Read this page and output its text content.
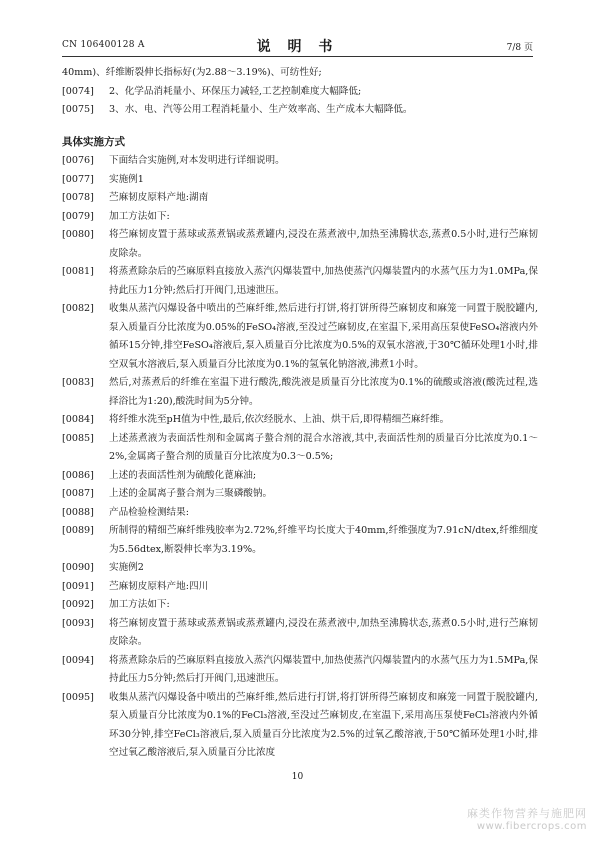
CN 106400128 A	说 明 书	7/8 页

40mm)、纤维断裂伸长指标好(为2.88～3.19%)、可纺性好;

[0074] 2、化学品消耗量小、环保压力减轻,工艺控制难度大幅降低;

[0075] 3、水、电、汽等公用工程消耗量小、生产效率高、生产成本大幅降低。

具体实施方式

[0076] 下面结合实施例,对本发明进行详细说明。

[0077] 实施例1

[0078] 苎麻韧皮原料产地:湖南

[0079] 加工方法如下:

[0080] 将苎麻韧皮置于蒸球或蒸煮锅或蒸煮罐内,浸没在蒸煮液中,加热至沸腾状态,蒸煮0.5小时,进行苎麻韧皮除杂。

[0081] 将蒸煮除杂后的苎麻原料直接放入蒸汽闪爆装置中,加热使蒸汽闪爆装置内的水蒸气压力为1.0MPa,保持此压力1分钟;然后打开阀门,迅速泄压。

[0082] 收集从蒸汽闪爆设备中喷出的苎麻纤维,然后进行打饼,将打饼所得苎麻韧皮和麻笼一同置于脱胶罐内,泵入质量百分比浓度为0.05%的FeSO₄溶液,至没过苎麻韧皮,在室温下,采用高压泵使FeSO₄溶液内外循环15分钟,排空FeSO₄溶液后,泵入质量百分比浓度为0.5%的双氧水溶液,于30℃循环处理1小时,排空双氧水溶液后,泵入质量百分比浓度为0.1%的氢氧化钠溶液,沸煮1小时。

[0083] 然后,对蒸煮后的纤维在室温下进行酸洗,酸洗液是质量百分比浓度为0.1%的硫酸或溶液(酸洗过程,选择浴比为1:20),酸洗时间为5分钟。

[0084] 将纤维水洗至pH值为中性,最后,依次经脱水、上油、烘干后,即得精细苎麻纤维。

[0085] 上述蒸煮液为表面活性剂和金属离子螯合剂的混合水溶液,其中,表面活性剂的质量百分比浓度为0.1～2%,金属离子螯合剂的质量百分比浓度为0.3～0.5%;

[0086] 上述的表面活性剂为硫酸化蓖麻油;

[0087] 上述的金属离子螯合剂为三聚磷酸钠。

[0088] 产品检验检测结果:

[0089] 所制得的精细苎麻纤维残胶率为2.72%,纤维平均长度大于40mm,纤维强度为7.91cN/dtex,纤维细度为5.56dtex,断裂伸长率为3.19%。

[0090] 实施例2

[0091] 苎麻韧皮原料产地:四川

[0092] 加工方法如下:

[0093] 将苎麻韧皮置于蒸球或蒸煮锅或蒸煮罐内,浸没在蒸煮液中,加热至沸腾状态,蒸煮0.5小时,进行苎麻韧皮除杂。

[0094] 将蒸煮除杂后的苎麻原料直接放入蒸汽闪爆装置中,加热使蒸汽闪爆装置内的水蒸气压力为1.5MPa,保持此压力5分钟;然后打开阀门,迅速泄压。

[0095] 收集从蒸汽闪爆设备中喷出的苎麻纤维,然后进行打饼,将打饼所得苎麻韧皮和麻笼一同置于脱胶罐内,泵入质量百分比浓度为0.1%的FeCl₃溶液,至没过苎麻韧皮,在室温下,采用高压泵使FeCl₃溶液内外循环30分钟,排空FeCl₃溶液后,泵入质量百分比浓度为2.5%的过氧乙酸溶液,于50℃循环处理1小时,排空过氧乙酸溶液后,泵入质量百分比浓度

10
麻类作物营养与施肥网
www.fibercrops.com
